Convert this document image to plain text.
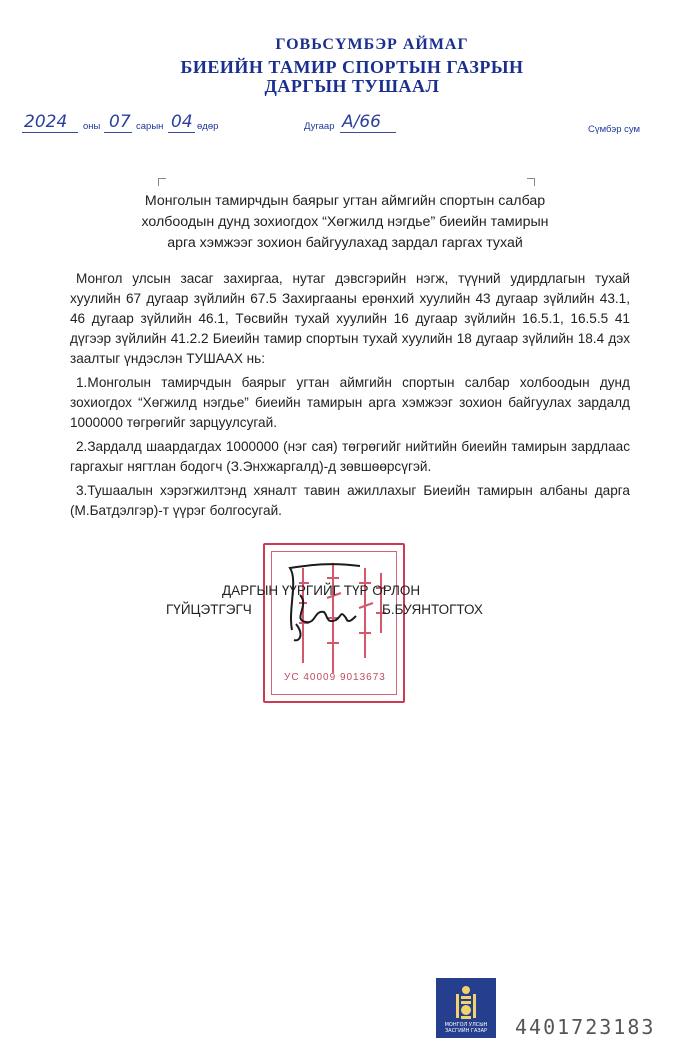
ГОВЬСҮМБЭР АЙМАГ
БИЕИЙН ТАМИР СПОРТЫН ГАЗРЫН
ДАРГЫН ТУШААЛ
2024 оны 07 сарын 04 өдөр	Дугаар А/66	Сүмбэр сум
Монголын тамирчдын баярыг угтан аймгийн спортын салбар
холбоодын дунд зохиогдох “Хөгжилд нэгдье” биеийн тамирын
арга хэмжээг зохион байгуулахад зардал гаргах тухай

Монгол улсын засаг захиргаа, нутаг дэвсгэрийн нэгж, түүний удирдлагын тухай хуулийн 67 дугаар зүйлийн 67.5 Захиргааны ерөнхий хуулийн 43 дугаар зүйлийн 43.1, 46 дугаар зүйлийн 46.1, Төсвийн тухай хуулийн 16 дугаар зүйлийн 16.5.1, 16.5.5 41 дүгээр зүйлийн 41.2.2 Биеийн тамир спортын тухай хуулийн 18 дугаар зүйлийн 18.4 дэх заалтыг үндэслэн ТУШААХ нь:

1.Монголын тамирчдын баярыг угтан аймгийн спортын салбар холбоодын дунд зохиогдох “Хөгжилд нэгдье” биеийн тамирын арга хэмжээг зохион байгуулах зардалд 1000000 төгрөгийг зарцуулсугай.

2.Зардалд шаардагдах 1000000 (нэг сая) төгрөгийг нийтийн биеийн тамирын зардлаас гаргахыг нягтлан бодогч (З.Энхжаргалд)-д зөвшөөрсүгэй.

3.Тушаалын хэрэгжилтэнд хяналт тавин ажиллахыг Биеийн тамирын албаны дарга (М.Батдэлгэр)-т үүрэг болгосугай.

УС 40009 9013673
ДАРГЫН ҮҮРГИЙГ ТҮР ОРЛОН
ГҮЙЦЭТГЭГЧ	Б.БУЯНТОГТОХ
МОНГОЛ УЛСЫН ЗАСГИЙН ГАЗАР	4401723183
